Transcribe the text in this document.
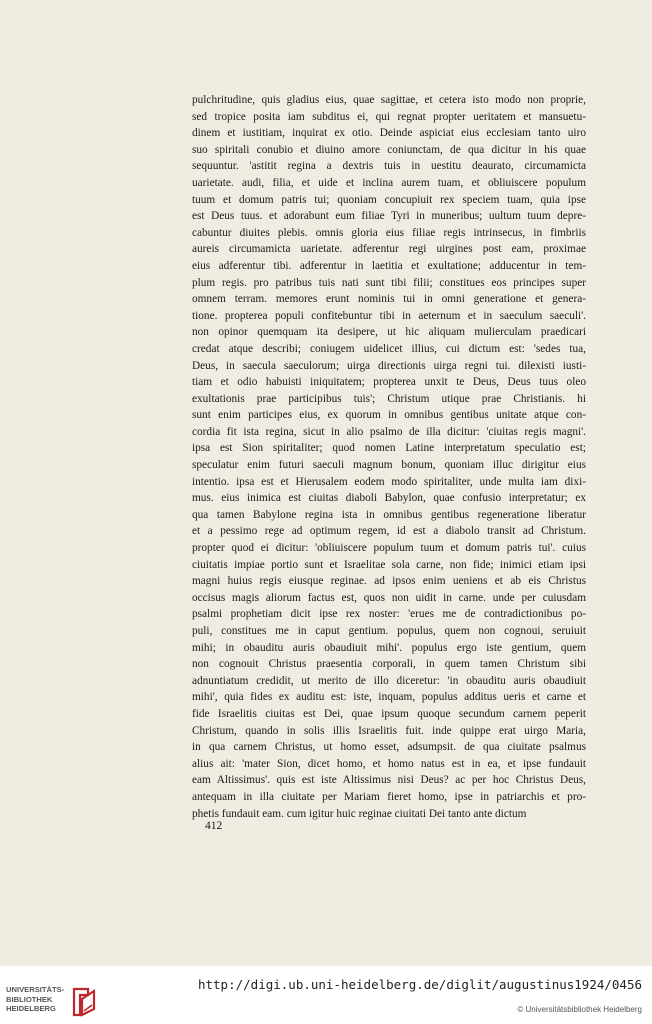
pulchritudine, quis gladius eius, quae sagittae, et cetera isto modo non proprie,
sed tropice posita iam subditus ei, qui regnat propter ueritatem et mansuetu-
dinem et iustitiam, inquirat ex otio. Deinde aspiciat eius ecclesiam tanto uiro
suo spiritali conubio et diuino amore coniunctam, de qua dicitur in his quae
sequuntur. 'astitit regina a dextris tuis in uestitu deaurato, circumamicta
uarietate. audi, filia, et uide et inclina aurem tuam, et obliuiscere populum
tuum et domum patris tui; quoniam concupiuit rex speciem tuam, quia ipse
est Deus tuus. et adorabunt eum filiae Tyri in muneribus; uultum tuum depre-
cabuntur diuites plebis. omnis gloria eius filiae regis intrinsecus, in fimbriis
aureis circumamicta uarietate. adferentur regi uirgines post eam, proximae
eius adferentur tibi. adferentur in laetitia et exultatione; adducentur in tem-
plum regis. pro patribus tuis nati sunt tibi filii; constitues eos principes super
omnem terram. memores erunt nominis tui in omni generatione et genera-
tione. propterea populi confitebuntur tibi in aeternum et in saeculum saeculi'.
non opinor quemquam ita desipere, ut hic aliquam mulierculam praedicari
credat atque describi; coniugem uidelicet illius, cui dictum est: 'sedes tua,
Deus, in saecula saeculorum; uirga directionis uirga regni tui. dilexisti iusti-
tiam et odio habuisti iniquitatem; propterea unxit te Deus, Deus tuus oleo
exultationis prae participibus tuis'; Christum utique prae Christianis. hi
sunt enim participes eius, ex quorum in omnibus gentibus unitate atque con-
cordia fit ista regina, sicut in alio psalmo de illa dicitur: 'ciuitas regis magni'.
ipsa est Sion spiritaliter; quod nomen Latine interpretatum speculatio est;
speculatur enim futuri saeculi magnum bonum, quoniam illuc dirigitur eius
intentio. ipsa est et Hierusalem eodem modo spiritaliter, unde multa iam dixi-
mus. eius inimica est ciuitas diaboli Babylon, quae confusio interpretatur; ex
qua tamen Babylone regina ista in omnibus gentibus regeneratione liberatur
et a pessimo rege ad optimum regem, id est a diabolo transit ad Christum.
propter quod ei dicitur: 'obliuiscere populum tuum et domum patris tui'. cuius
ciuitatis impiae portio sunt et Israelitae sola carne, non fide; inimici etiam ipsi
magni huius regis eiusque reginae. ad ipsos enim ueniens et ab eis Christus
occisus magis aliorum factus est, quos non uidit in carne. unde per cuiusdam
psalmi prophetiam dicit ipse rex noster: 'erues me de contradictionibus po-
puli, constitues me in caput gentium. populus, quem non cognoui, seruiuit
mihi; in obauditu auris obaudiuit mihi'. populus ergo iste gentium, quem
non cognouit Christus praesentia corporali, in quem tamen Christum sibi
adnuntiatum credidit, ut merito de illo diceretur: 'in obauditu auris obaudiuit
mihi', quia fides ex auditu est: iste, inquam, populus additus ueris et carne et
fide Israelitis ciuitas est Dei, quae ipsum quoque secundum carnem peperit
Christum, quando in solis illis Israelitis fuit. inde quippe erat uirgo Maria,
in qua carnem Christus, ut homo esset, adsumpsit. de qua ciuitate psalmus
alius ait: 'mater Sion, dicet homo, et homo natus est in ea, et ipse fundauit
eam Altissimus'. quis est iste Altissimus nisi Deus? ac per hoc Christus Deus,
antequam in illa ciuitate per Mariam fieret homo, ipse in patriarchis et pro-
phetis fundauit eam. cum igitur huic reginae ciuitati Dei tanto ante dictum
412
UNIVERSITÄTS-
BIBLIOTHEK
HEIDELBERG
http://digi.ub.uni-heidelberg.de/diglit/augustinus1924/0456
© Universitätsbibliothek Heidelberg
